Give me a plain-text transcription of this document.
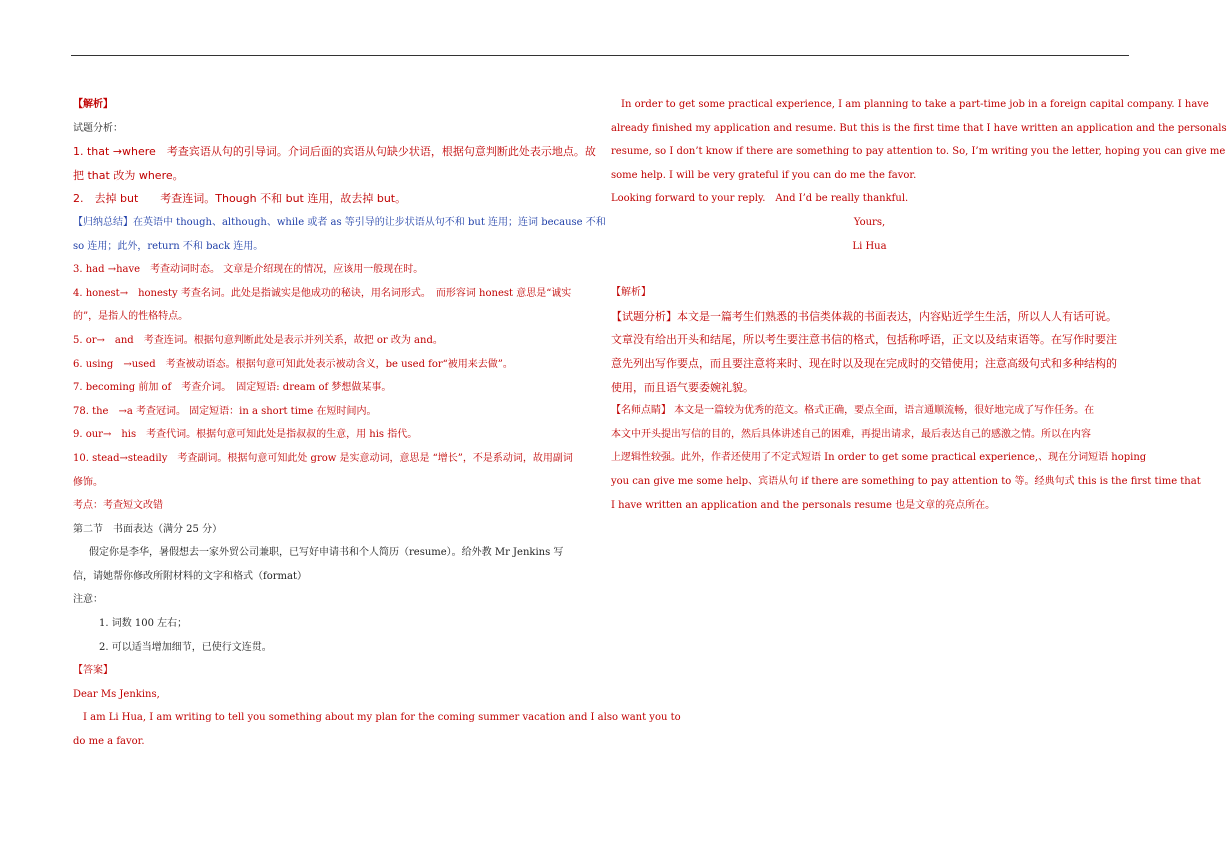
【解析】
试题分析：
1. that →where　考查宾语从句的引导词。介词后面的宾语从句缺少状语，根据句意判断此处表示地点。故
把 that 改为 where。
2.　去掉 but　　考查连词。Though 不和 but 连用，故去掉 but。
【归纳总结】在英语中 though、although、while 或者 as 等引导的让步状语从句不和 but 连用；连词 because 不和
so 连用；此外，return 不和 back 连用。
3. had →have　考查动词时态。 文章是介绍现在的情况，应该用一般现在时。
4. honest→　honesty 考查名词。此处是指诚实是他成功的秘诀，用名词形式。　而形容词 honest 意思是“诚实
的”，是指人的性格特点。
5. or→　and　考查连词。根据句意判断此处是表示并列关系，故把 or 改为 and。
6. using　→used　考查被动语态。根据句意可知此处表示被动含义，be used for“被用来去做”。
7. becoming 前加 of　考查介词。　固定短语: dream of 梦想做某事。
78. the　→a 考查冠词。 固定短语：in a short time 在短时间内。
9. our→　his　考查代词。根据句意可知此处是指叔叔的生意，用 his 指代。
10. stead→steadily　考查副词。根据句意可知此处 grow 是实意动词，意思是 “增长”，不是系动词，故用副词
修饰。
考点：考查短文改错
第二节　书面表达（满分 25 分）
假定你是李华，暑假想去一家外贸公司兼职，已写好申请书和个人简历（resume）。给外教 Mr Jenkins 写
信，请她帮你修改所附材料的文字和格式（format）
注意：
1. 词数 100 左右；
2. 可以适当增加细节，已使行文连贯。
【答案】
Dear Ms Jenkins,
I am Li Hua, I am writing to tell you something about my plan for the coming summer vacation and I also want you to
do me a favor.
In order to get some practical experience, I am planning to take a part-time job in a foreign capital company. I have
already finished my application and resume. But this is the first time that I have written an application and the personals
resume, so I don’t know if there are something to pay attention to. So, I’m writing you the letter, hoping you can give me
some help. I will be very grateful if you can do me the favor.
Looking forward to your reply.　And I’d be really thankful.
Yours,
Li Hua
【解析】
【试题分析】本文是一篇考生们熟悉的书信类体裁的书面表达，内容贴近学生生活，所以人人有话可说。
文章没有给出开头和结尾，所以考生要注意书信的格式，包括称呼语，正文以及结束语等。在写作时要注
意先列出写作要点，而且要注意将来时、现在时以及现在完成时的交错使用；注意高级句式和多种结构的
使用，而且语气要委婉礼貌。
【名师点睛】 本文是一篇较为优秀的范文。格式正确，要点全面，语言通顺流畅，很好地完成了写作任务。在
本文中开头提出写信的目的，然后具体讲述自己的困难，再提出请求，最后表达自己的感激之情。所以在内容
上逻辑性较强。此外，作者还使用了不定式短语 In order to get some practical experience,、现在分词短语 hoping
you can give me some help、宾语从句 if there are something to pay attention to 等。经典句式 this is the first time that
I have written an application and the personals resume 也是文章的亮点所在。
